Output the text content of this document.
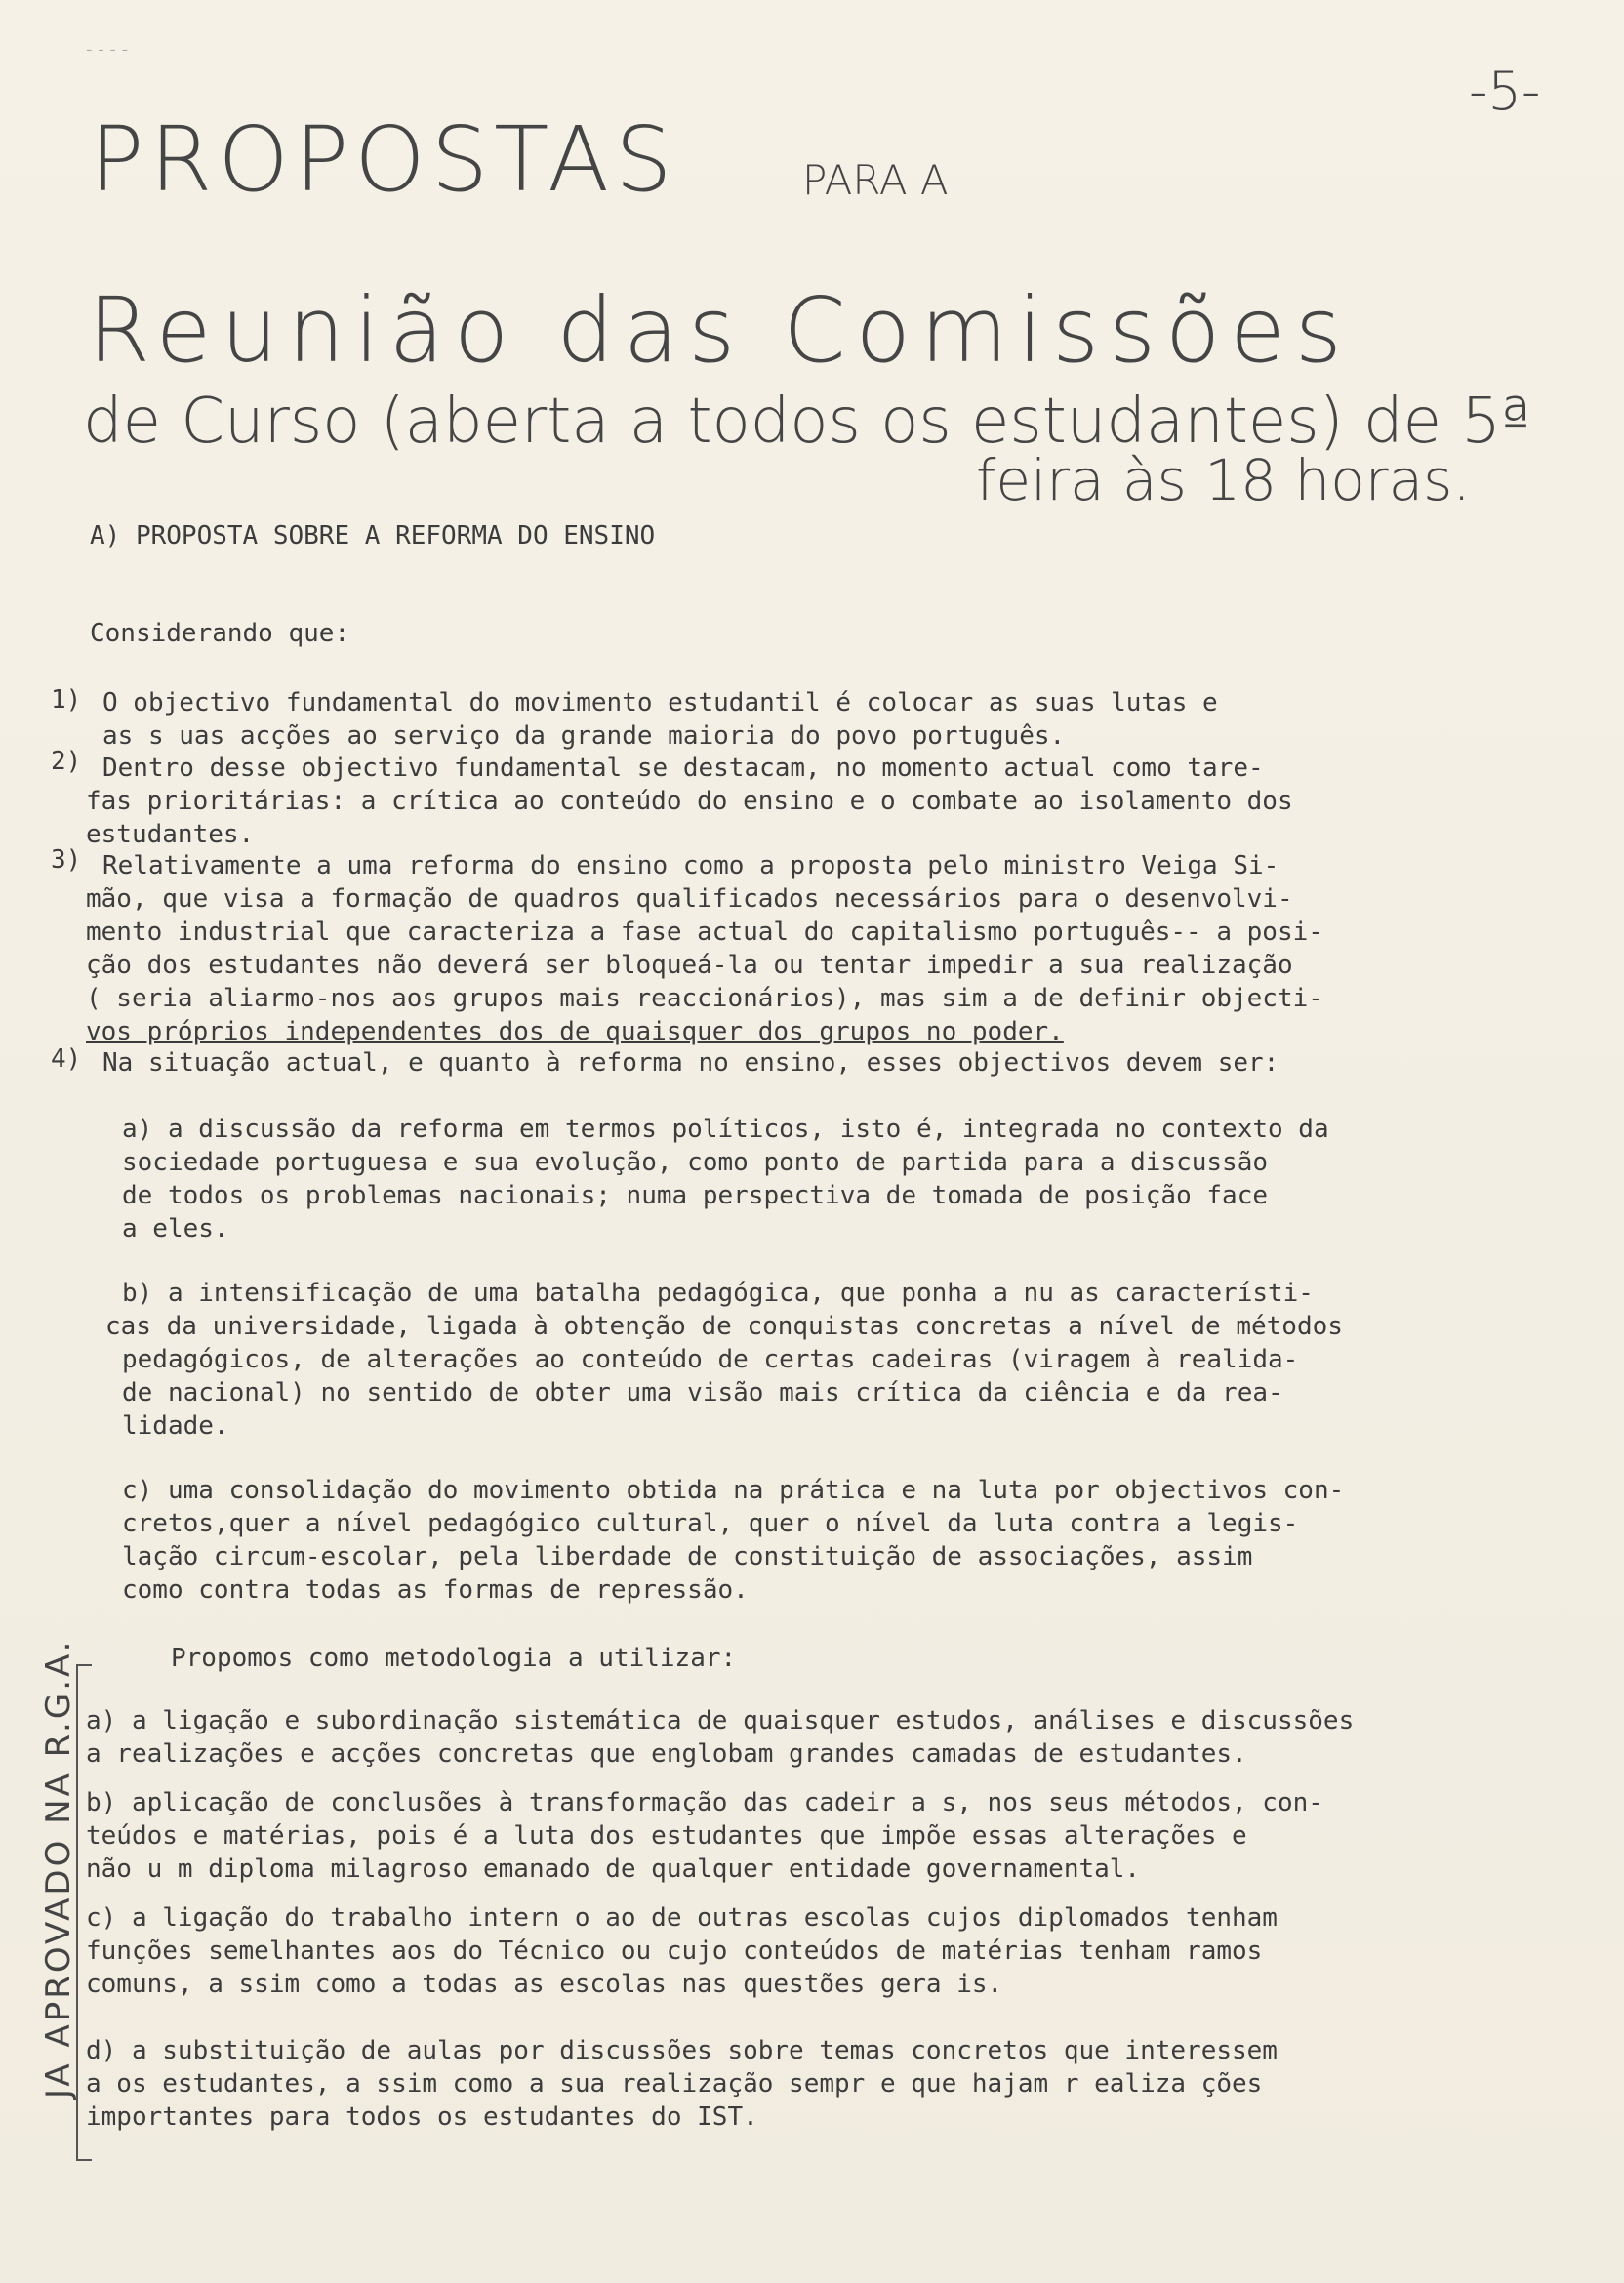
- - - -
-5-
PROPOSTAS	PARA A
Reunião das Comissões
de Curso (aberta a todos os estudantes) de 5ª
feira às 18 horas.
A) PROPOSTA SOBRE A REFORMA DO ENSINO
Considerando que:
1) O objectivo fundamental do movimento estudantil é colocar as suas lutas e
as s uas acções ao serviço da grande maioria do povo português.
2) Dentro desse objectivo fundamental se destacam, no momento actual como tare-
fas prioritárias: a crítica ao conteúdo do ensino e o combate ao isolamento dos
estudantes.
3) Relativamente a uma reforma do ensino como a proposta pelo ministro Veiga Si-
mão, que visa a formação de quadros qualificados necessários para o desenvolvi-
mento industrial que caracteriza a fase actual do capitalismo português-- a posi-
ção dos estudantes não deverá ser bloqueá-la ou tentar impedir a sua realização
( seria aliarmo-nos aos grupos mais reaccionários), mas sim a de definir objecti-
vos próprios independentes dos de quaisquer dos grupos no poder.
4) Na situação actual, e quanto à reforma no ensino, esses objectivos devem ser:
a) a discussão da reforma em termos políticos, isto é, integrada no contexto da
sociedade portuguesa e sua evolução, como ponto de partida para a discussão
de todos os problemas nacionais; numa perspectiva de tomada de posição face
a eles.
b) a intensificação de uma batalha pedagógica, que ponha a nu as característi-
cas da universidade, ligada à obtenção de conquistas concretas a nível de métodos
pedagógicos, de alterações ao conteúdo de certas cadeiras (viragem à realida-
de nacional) no sentido de obter uma visão mais crítica da ciência e da rea-
lidade.
c) uma consolidação do movimento obtida na prática e na luta por objectivos con-
cretos,quer a nível pedagógico cultural, quer o nível da luta contra a legis-
lação circum-escolar, pela liberdade de constituição de associações, assim
como contra todas as formas de repressão.
Propomos como metodologia a utilizar:
a) a ligação e subordinação sistemática de quaisquer estudos, análises e discussões
a realizações e acções concretas que englobam grandes camadas de estudantes.
b) aplicação de conclusões à transformação das cadeir a s, nos seus métodos, con-
teúdos e matérias, pois é a luta dos estudantes que impõe essas alterações e
não u m diploma milagroso emanado de qualquer entidade governamental.
c) a ligação do trabalho intern o ao de outras escolas cujos diplomados tenham
funções semelhantes aos do Técnico ou cujo conteúdos de matérias tenham ramos
comuns, a ssim como a todas as escolas nas questões gera is.
d) a substituição de aulas por discussões sobre temas concretos que interessem
a os estudantes, a ssim como a sua realização sempr e que hajam r ealiza ções
importantes para todos os estudantes do IST.
JA APROVADO NA R.G.A.
